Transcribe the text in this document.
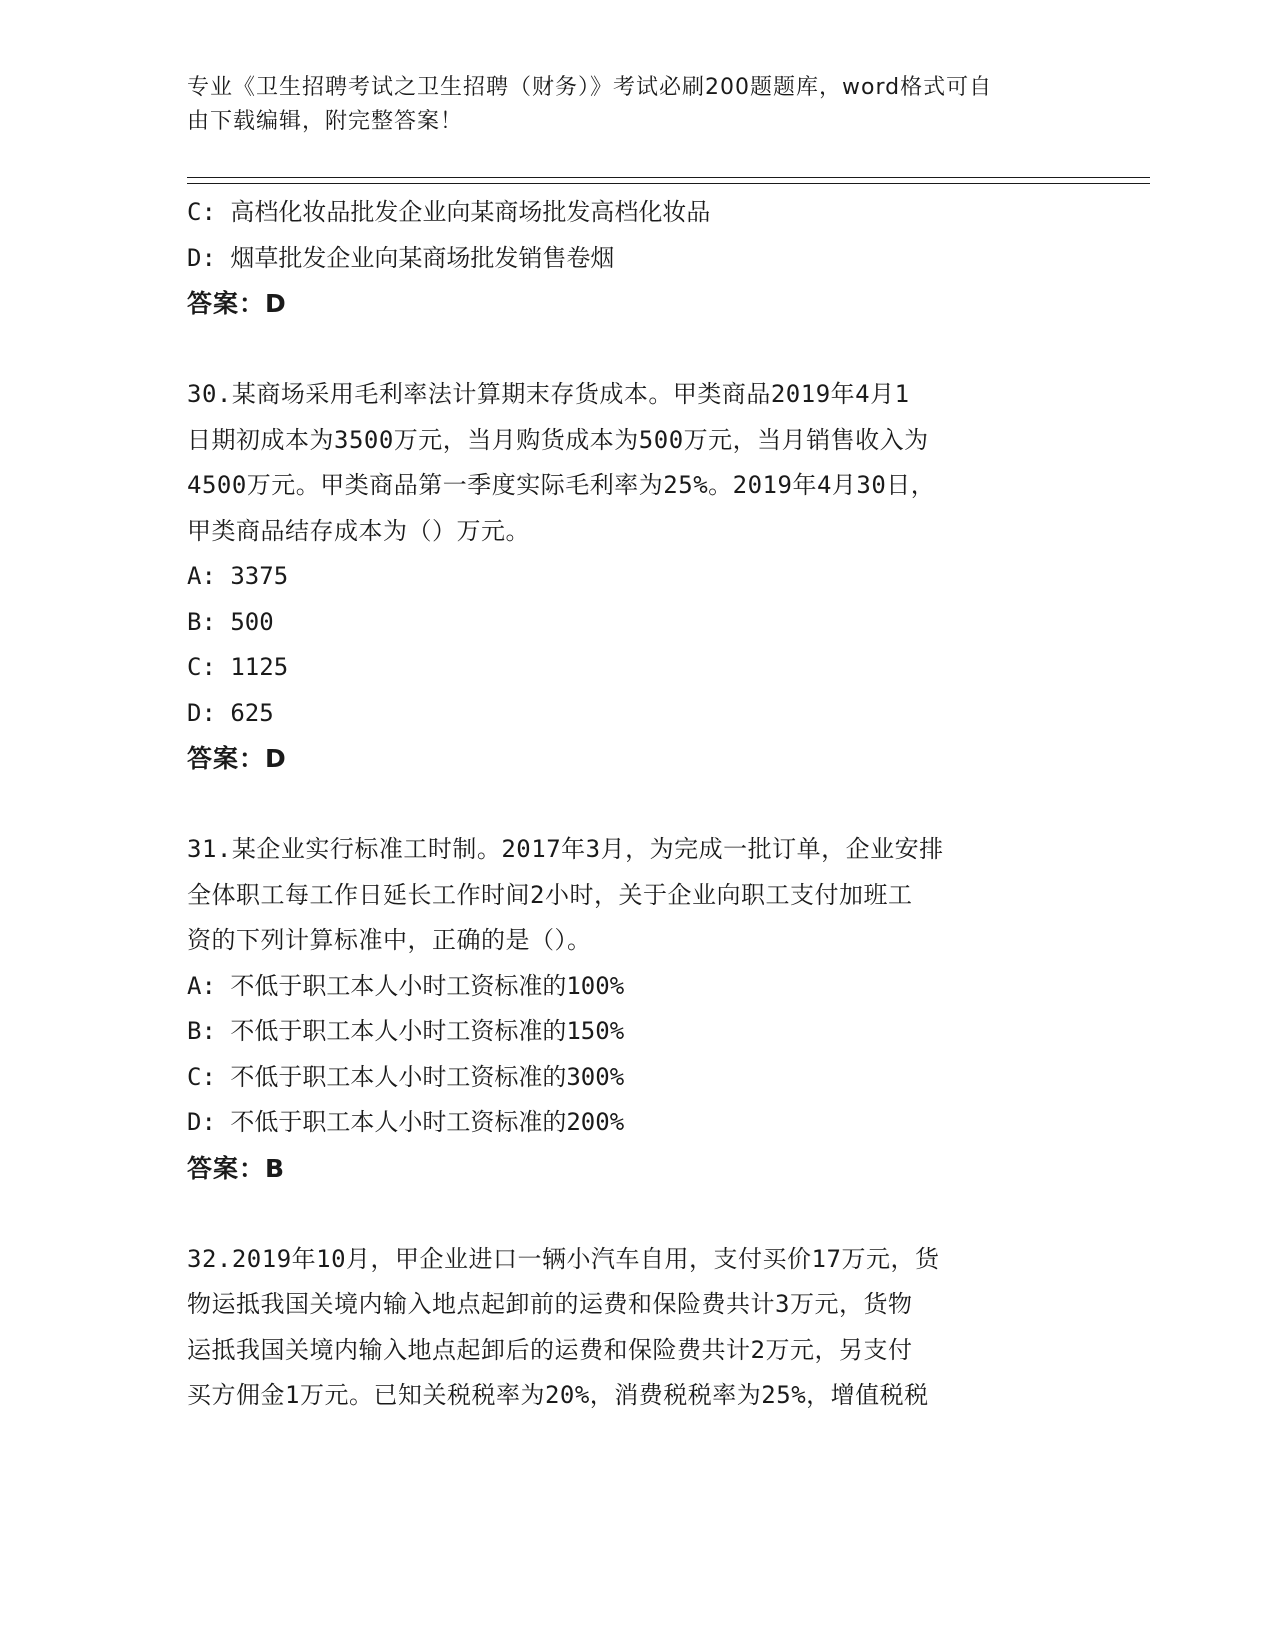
专业《卫生招聘考试之卫生招聘（财务）》考试必刷200题题库，word格式可自
由下载编辑，附完整答案！
C: 高档化妆品批发企业向某商场批发高档化妆品
D: 烟草批发企业向某商场批发销售卷烟
答案：D
30.某商场采用毛利率法计算期末存货成本。甲类商品2019年4月1
日期初成本为3500万元，当月购货成本为500万元，当月销售收入为
4500万元。甲类商品第一季度实际毛利率为25%。2019年4月30日，
甲类商品结存成本为（）万元。
A: 3375
B: 500
C: 1125
D: 625
答案：D
31.某企业实行标准工时制。2017年3月，为完成一批订单，企业安排
全体职工每工作日延长工作时间2小时，关于企业向职工支付加班工
资的下列计算标准中，正确的是（）。
A: 不低于职工本人小时工资标准的100%
B: 不低于职工本人小时工资标准的150%
C: 不低于职工本人小时工资标准的300%
D: 不低于职工本人小时工资标准的200%
答案：B
32.2019年10月，甲企业进口一辆小汽车自用，支付买价17万元，货
物运抵我国关境内输入地点起卸前的运费和保险费共计3万元，货物
运抵我国关境内输入地点起卸后的运费和保险费共计2万元，另支付
买方佣金1万元。已知关税税率为20%，消费税税率为25%，增值税税
